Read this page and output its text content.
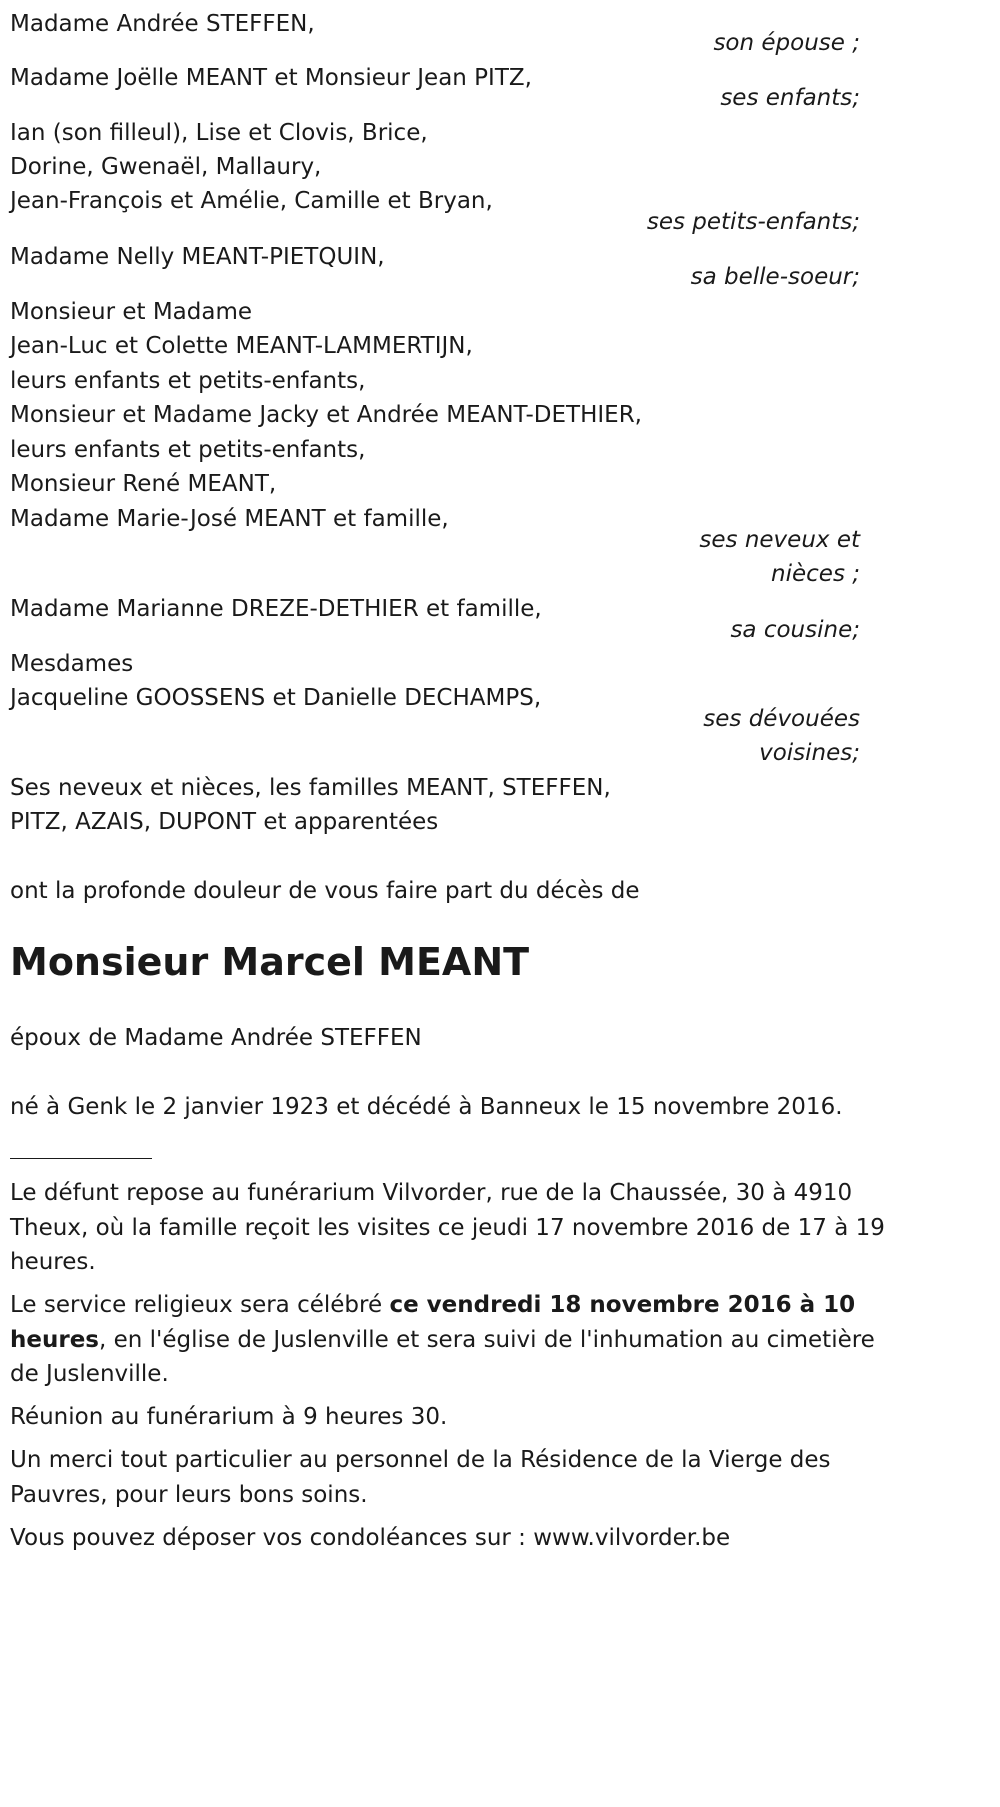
Madame Andrée STEFFEN,
son épouse ;
Madame Joëlle MEANT et Monsieur Jean PITZ,
ses enfants;
Ian (son filleul), Lise et Clovis, Brice,
Dorine, Gwenaël, Mallaury,
Jean-François et Amélie, Camille et Bryan,
ses petits-enfants;
Madame Nelly MEANT-PIETQUIN,
sa belle-soeur;
Monsieur et Madame
Jean-Luc et Colette MEANT-LAMMERTIJN,
leurs enfants et petits-enfants,
Monsieur et Madame Jacky et Andrée MEANT-DETHIER,
leurs enfants et petits-enfants,
Monsieur René MEANT,
Madame Marie-José MEANT et famille,
ses neveux et
nièces ;
Madame Marianne DREZE-DETHIER et famille,
sa cousine;
Mesdames
Jacqueline GOOSSENS et Danielle DECHAMPS,
ses dévouées
voisines;
Ses neveux et nièces, les familles MEANT, STEFFEN,
PITZ, AZAIS, DUPONT et apparentées
ont la profonde douleur de vous faire part du décès de
Monsieur Marcel MEANT
époux de Madame Andrée STEFFEN
né à Genk le 2 janvier 1923 et décédé à Banneux le 15 novembre 2016.
Le défunt repose au funérarium Vilvorder, rue de la Chaussée, 30 à 4910
Theux, où la famille reçoit les visites ce jeudi 17 novembre 2016 de 17 à 19
heures.
Le service religieux sera célébré ce vendredi 18 novembre 2016 à 10
heures, en l'église de Juslenville et sera suivi de l'inhumation au cimetière
de Juslenville.
Réunion au funérarium à 9 heures 30.
Un merci tout particulier au personnel de la Résidence de la Vierge des
Pauvres, pour leurs bons soins.
Vous pouvez déposer vos condoléances sur : www.vilvorder.be
